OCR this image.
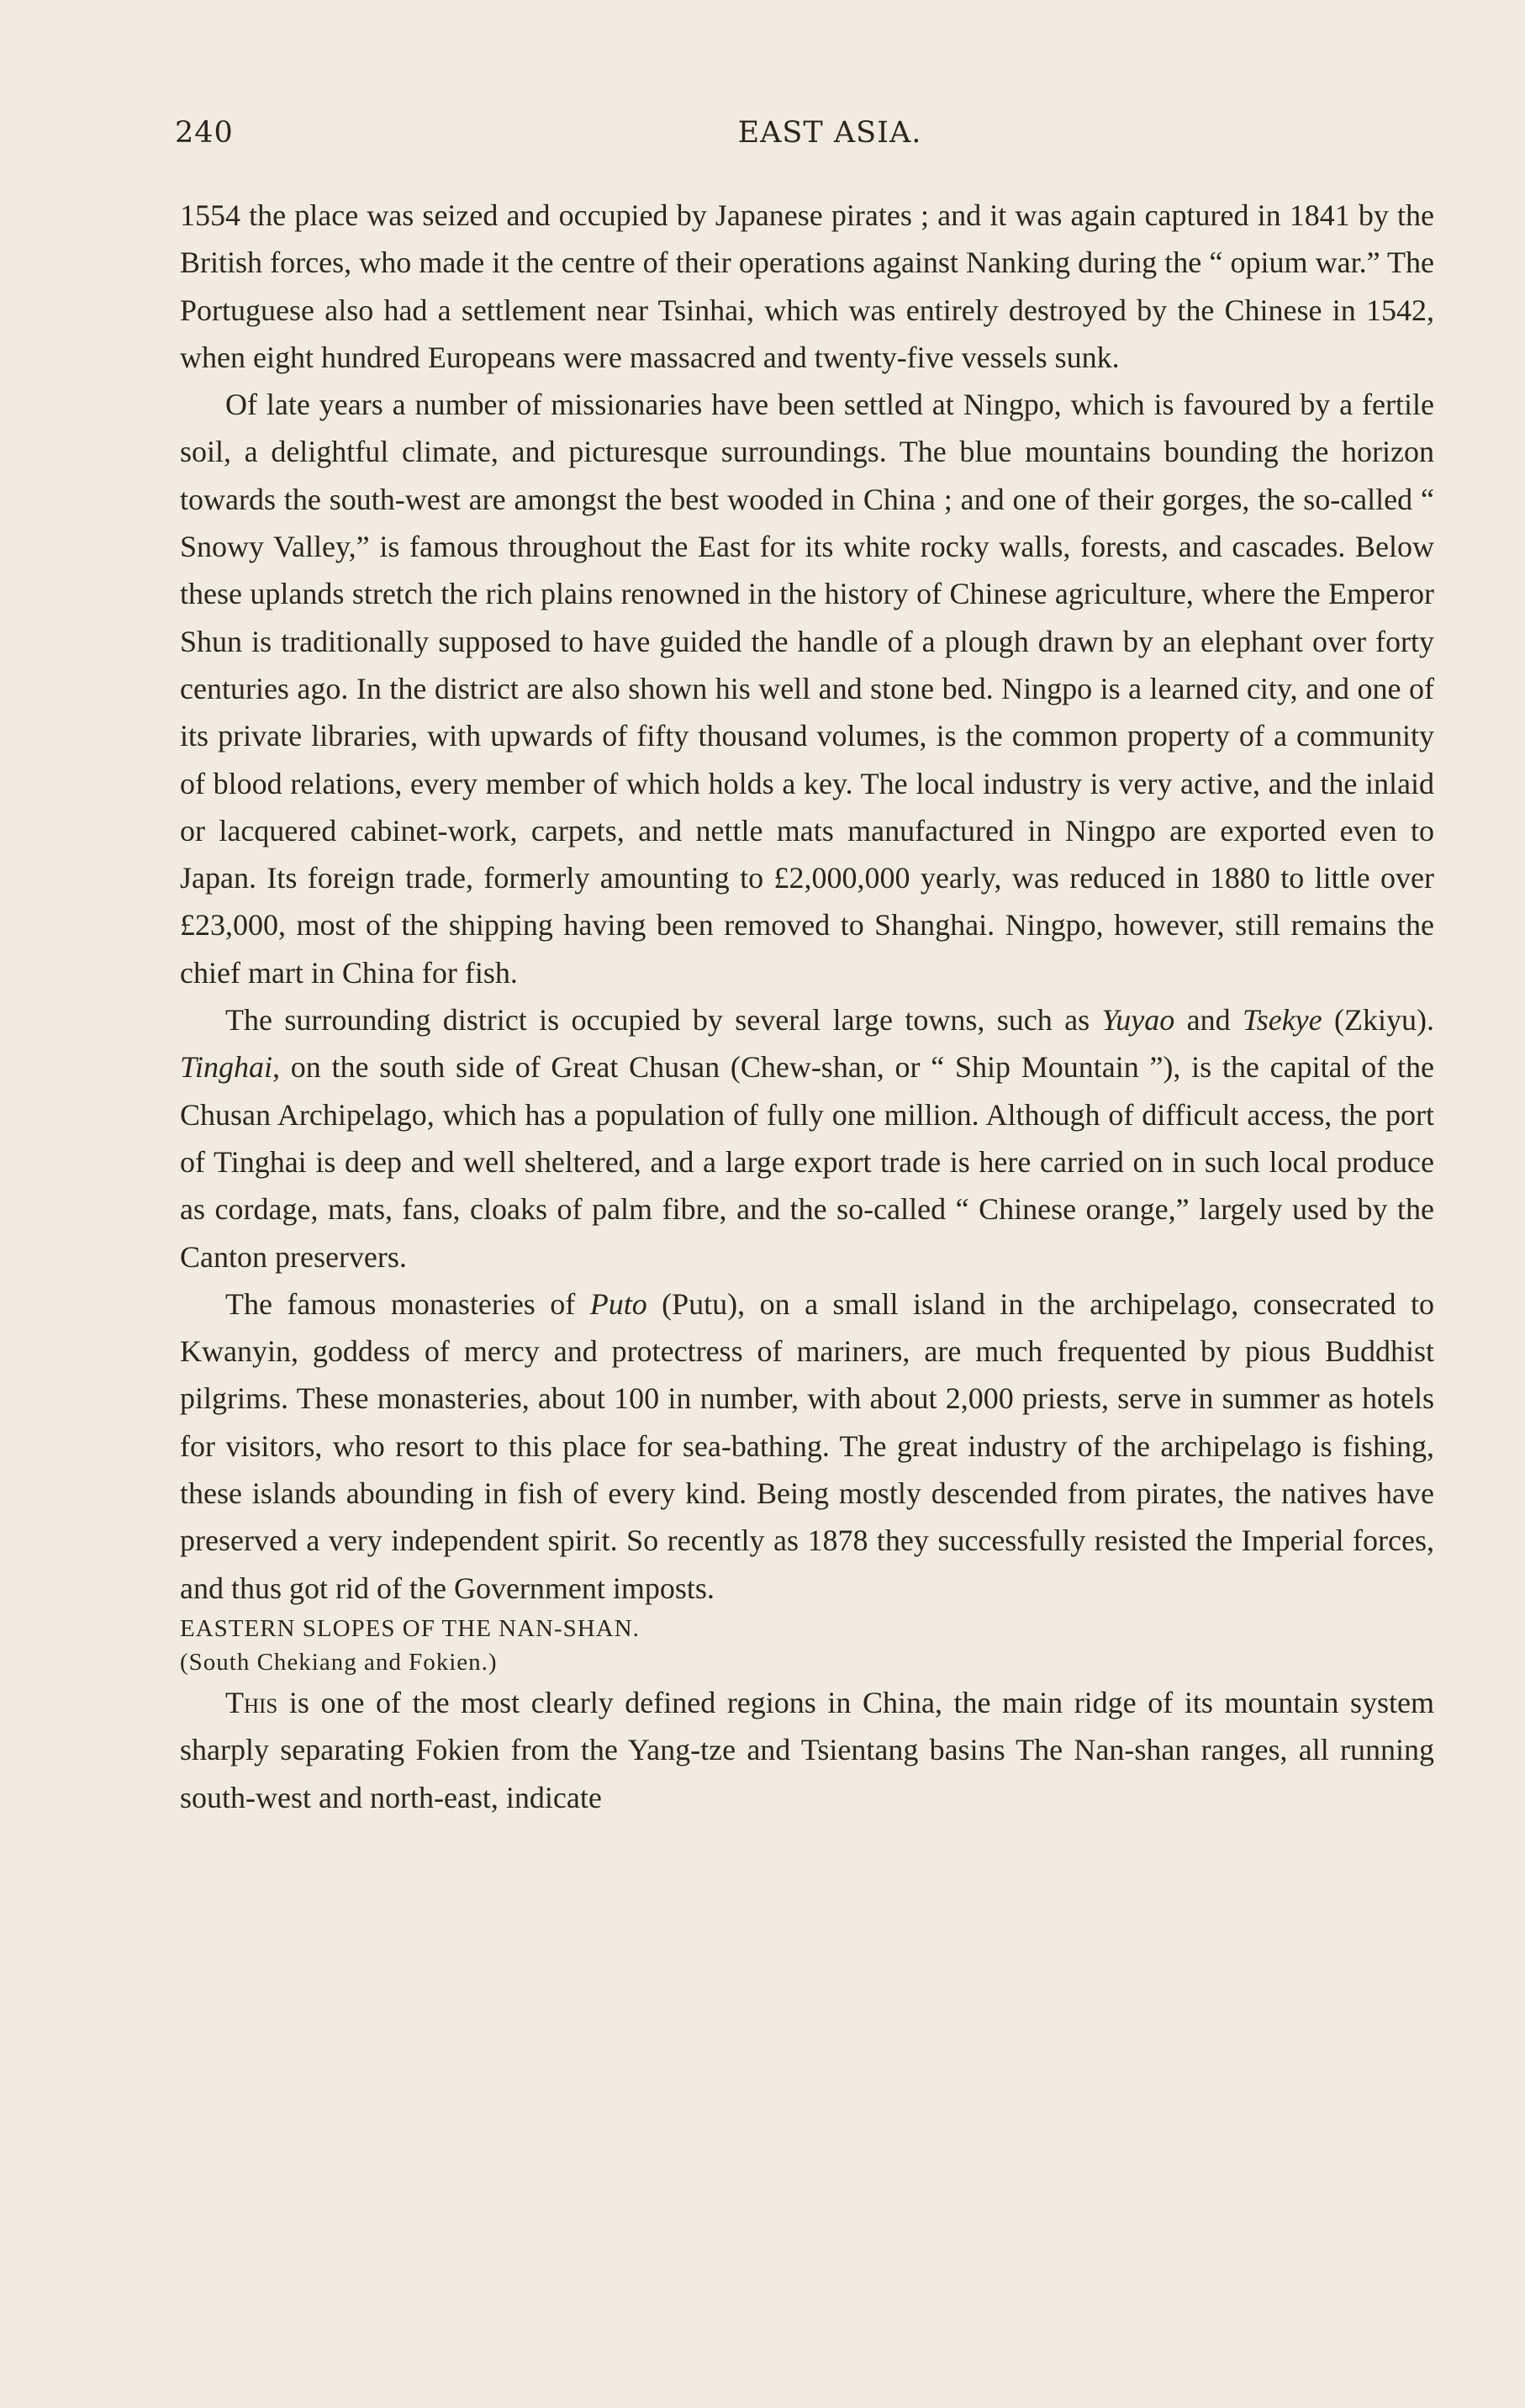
240	EAST ASIA.

1554 the place was seized and occupied by Japanese pirates ; and it was again captured in 1841 by the British forces, who made it the centre of their operations against Nanking during the “ opium war.” The Portuguese also had a settlement near Tsinhai, which was entirely destroyed by the Chinese in 1542, when eight hundred Europeans were massacred and twenty-five vessels sunk.

Of late years a number of missionaries have been settled at Ningpo, which is favoured by a fertile soil, a delightful climate, and picturesque surroundings. The blue mountains bounding the horizon towards the south-west are amongst the best wooded in China ; and one of their gorges, the so-called “ Snowy Valley,” is famous throughout the East for its white rocky walls, forests, and cascades. Below these uplands stretch the rich plains renowned in the history of Chinese agriculture, where the Emperor Shun is traditionally supposed to have guided the handle of a plough drawn by an elephant over forty centuries ago. In the district are also shown his well and stone bed. Ningpo is a learned city, and one of its private libraries, with upwards of fifty thousand volumes, is the common property of a community of blood relations, every member of which holds a key. The local industry is very active, and the inlaid or lacquered cabinet-work, carpets, and nettle mats manufactured in Ningpo are exported even to Japan. Its foreign trade, formerly amounting to £2,000,000 yearly, was reduced in 1880 to little over £23,000, most of the shipping having been removed to Shanghai. Ningpo, however, still remains the chief mart in China for fish.

The surrounding district is occupied by several large towns, such as Yuyao and Tsekye (Zkiyu). Tinghai, on the south side of Great Chusan (Chew-shan, or “ Ship Mountain ”), is the capital of the Chusan Archipelago, which has a population of fully one million. Although of difficult access, the port of Tinghai is deep and well sheltered, and a large export trade is here carried on in such local produce as cordage, mats, fans, cloaks of palm fibre, and the so-called “ Chinese orange,” largely used by the Canton preservers.

The famous monasteries of Puto (Putu), on a small island in the archipelago, consecrated to Kwanyin, goddess of mercy and protectress of mariners, are much frequented by pious Buddhist pilgrims. These monasteries, about 100 in number, with about 2,000 priests, serve in summer as hotels for visitors, who resort to this place for sea-bathing. The great industry of the archipelago is fishing, these islands abounding in fish of every kind. Being mostly descended from pirates, the natives have preserved a very independent spirit. So recently as 1878 they successfully resisted the Imperial forces, and thus got rid of the Government imposts.

EASTERN SLOPES OF THE NAN-SHAN.

(South Chekiang and Fokien.)

This is one of the most clearly defined regions in China, the main ridge of its mountain system sharply separating Fokien from the Yang-tze and Tsientang basins The Nan-shan ranges, all running south-west and north-east, indicate
